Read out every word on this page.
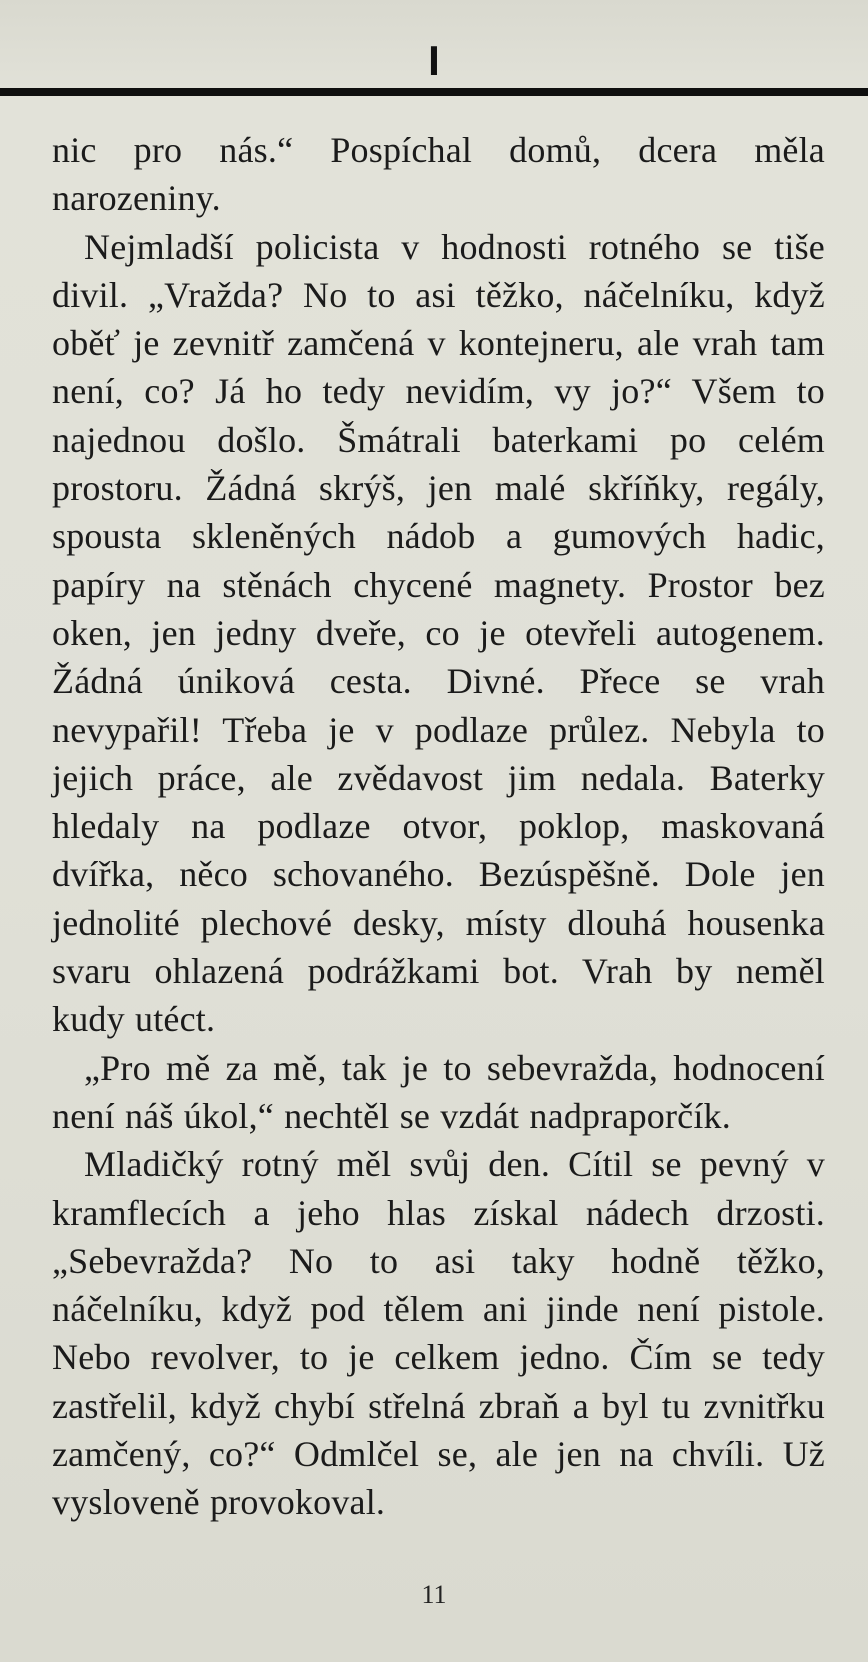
I

nic pro nás.“ Pospíchal domů, dcera měla narozeniny.

Nejmladší policista v hodnosti rotného se tiše divil. „Vražda? No to asi těžko, náčelníku, když oběť je zevnitř zamčená v kontejneru, ale vrah tam není, co? Já ho tedy nevidím, vy jo?“ Všem to najednou došlo. Šmátrali baterkami po celém prostoru. Žádná skrýš, jen malé skříňky, regály, spousta skleněných nádob a gumových hadic, papíry na stěnách chycené magnety. Prostor bez oken, jen jedny dveře, co je otevřeli autogenem. Žádná úniková cesta. Divné. Přece se vrah nevypařil! Třeba je v podlaze průlez. Nebyla to jejich práce, ale zvědavost jim nedala. Baterky hledaly na podlaze otvor, poklop, maskovaná dvířka, něco schovaného. Bezúspěšně. Dole jen jednolité plechové desky, místy dlouhá housenka svaru ohlazená podrážkami bot. Vrah by neměl kudy utéct.

„Pro mě za mě, tak je to sebevražda, hodnocení není náš úkol,“ nechtěl se vzdát nadpraporčík.

Mladičký rotný měl svůj den. Cítil se pevný v kramflecích a jeho hlas získal nádech drzosti. „Sebevražda? No to asi taky hodně těžko, náčelníku, když pod tělem ani jinde není pistole. Nebo revolver, to je celkem jedno. Čím se tedy zastřelil, když chybí střelná zbraň a byl tu zvnitřku zamčený, co?“ Odmlčel se, ale jen na chvíli. Už vysloveně provokoval.

11
